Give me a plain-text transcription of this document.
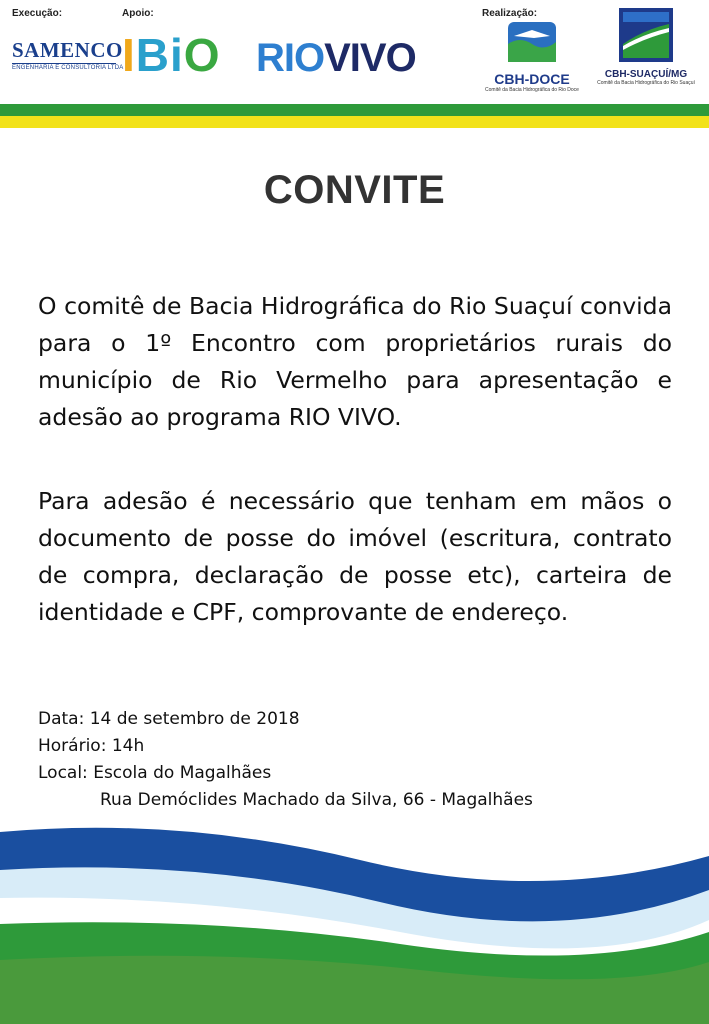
Execução:	Apoio:	Realização:
SAMENCO
ENGENHARIA E CONSULTORIA LTDA
IBiO RIOVIVO	CBH-DOCE
Comitê da Bacia Hidrográfica do Rio Doce
CBH-SUAÇUÍ/MG
Comitê da Bacia Hidrográfica do Rio Suaçuí
CONVITE

O comitê de Bacia Hidrográfica do Rio Suaçuí convida para o 1º Encontro com proprietários rurais do município de Rio Vermelho para apresentação e adesão ao programa RIO VIVO.

Para adesão é necessário que tenham em mãos o documento de posse do imóvel (escritura, contrato de compra, declaração de posse etc), carteira de identidade e CPF, comprovante de endereço.

Data: 14 de setembro de 2018
Horário: 14h
Local: Escola do Magalhães
Rua Demóclides Machado da Silva, 66 - Magalhães
